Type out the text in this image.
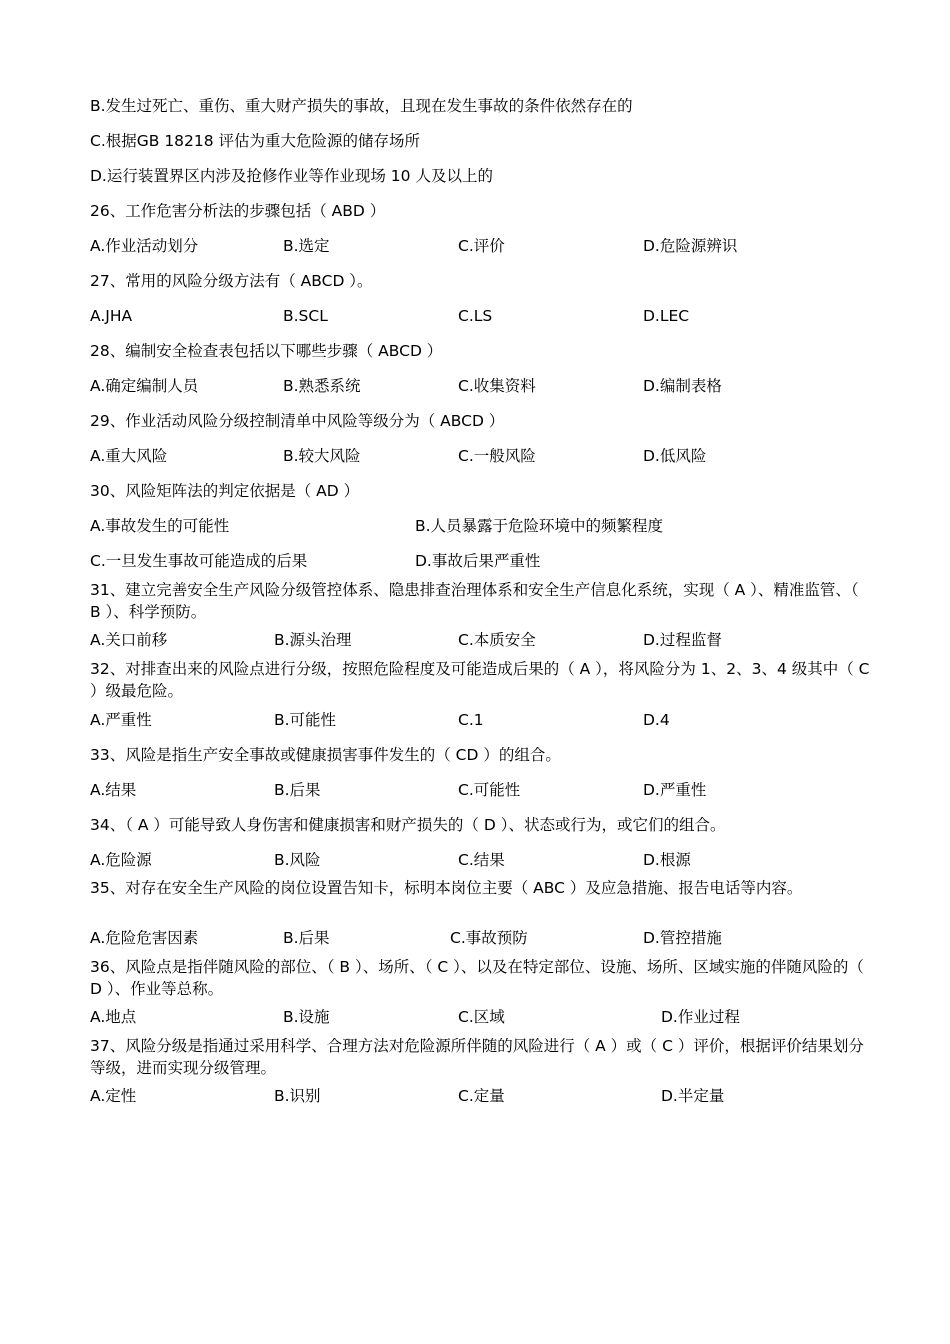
B.发生过死亡、重伤、重大财产损失的事故，且现在发生事故的条件依然存在的
C.根据GB 18218 评估为重大危险源的储存场所
D.运行装置界区内涉及抢修作业等作业现场 10 人及以上的
26、工作危害分析法的步骤包括（ ABD ）
A.作业活动划分	B.选定	C.评价	D.危险源辨识
27、常用的风险分级方法有（ ABCD ）。
A.JHA	B.SCL	C.LS	D.LEC
28、编制安全检查表包括以下哪些步骤（ ABCD ）
A.确定编制人员	B.熟悉系统	C.收集资料	D.编制表格
29、作业活动风险分级控制清单中风险等级分为（ ABCD ）
A.重大风险	B.较大风险	C.一般风险	D.低风险
30、风险矩阵法的判定依据是（ AD ）
A.事故发生的可能性	B.人员暴露于危险环境中的频繁程度
C.一旦发生事故可能造成的后果	D.事故后果严重性
31、建立完善安全生产风险分级管控体系、隐患排查治理体系和安全生产信息化系统，实现（ A ）、精准监管、（ B ）、科学预防。
A.关口前移	B.源头治理	C.本质安全	D.过程监督
32、对排查出来的风险点进行分级，按照危险程度及可能造成后果的（ A ），将风险分为 1、2、3、4 级其中（ C ）级最危险。
A.严重性	B.可能性	C.1	D.4
33、风险是指生产安全事故或健康损害事件发生的（ CD ）的组合。
A.结果	B.后果	C.可能性	D.严重性
34、（ A ）可能导致人身伤害和健康损害和财产损失的（ D ）、状态或行为，或它们的组合。
A.危险源	B.风险	C.结果	D.根源
35、对存在安全生产风险的岗位设置告知卡，标明本岗位主要（ ABC ）及应急措施、报告电话等内容。
A.危险危害因素	B.后果	C.事故预防	D.管控措施
36、风险点是指伴随风险的部位、（ B ）、场所、（ C ）、以及在特定部位、设施、场所、区域实施的伴随风险的（ D ）、作业等总称。
A.地点	B.设施	C.区域	D.作业过程
37、风险分级是指通过采用科学、合理方法对危险源所伴随的风险进行（ A ）或（ C ）评价，根据评价结果划分等级，进而实现分级管理。
A.定性	B.识别	C.定量	D.半定量
